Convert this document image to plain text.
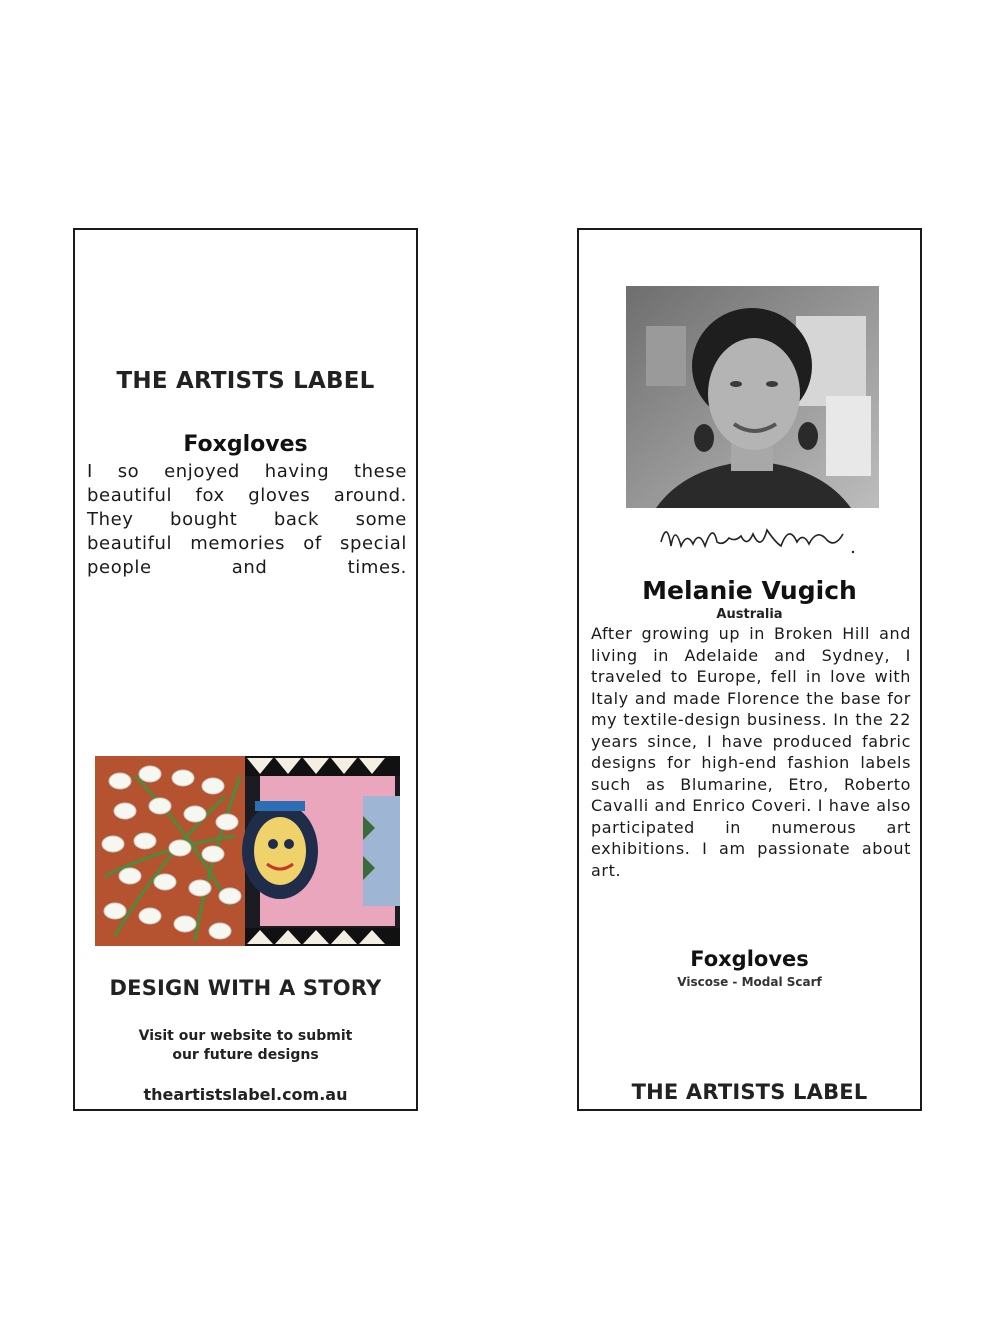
THE ARTISTS LABEL
Foxgloves
I so enjoyed having these beautiful fox gloves around. They bought back some beautiful memories of special people and times.
DESIGN WITH A STORY
Visit our website to submit
our future designs
theartistslabel.com.au
Melanie Vugich
Australia
After growing up in Broken Hill and living in Adelaide and Sydney, I traveled to Europe, fell in love with Italy and made Florence the base for my textile-design business. In the 22 years since, I have produced fabric designs for high-end fashion labels such as Blumarine, Etro, Roberto Cavalli and Enrico Coveri. I have also participated in numerous art exhibitions. I am passionate about art.
Foxgloves
Viscose - Modal Scarf
THE ARTISTS LABEL
